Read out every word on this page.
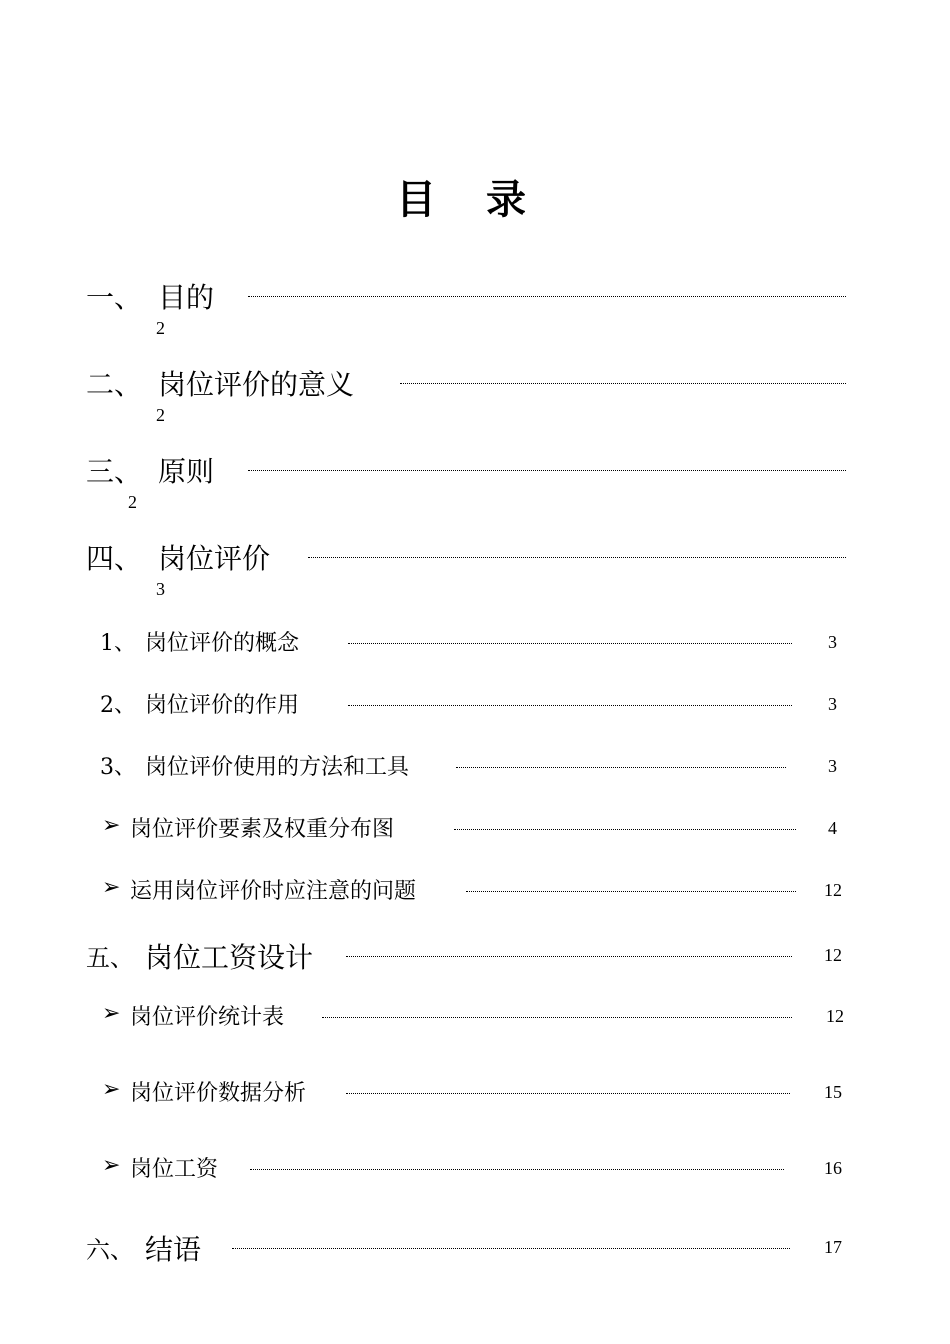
目 录
一、 目的
2
二、 岗位评价的意义
2
三、 原则
2
四、 岗位评价
3
1、 岗位评价的概念	3
2、 岗位评价的作用	3
3、 岗位评价使用的方法和工具	3
➢ 岗位评价要素及权重分布图	4
➢ 运用岗位评价时应注意的问题	12
五、 岗位工资设计	12
➢ 岗位评价统计表	12
➢ 岗位评价数据分析	15
➢ 岗位工资	16
六、 结语	17
